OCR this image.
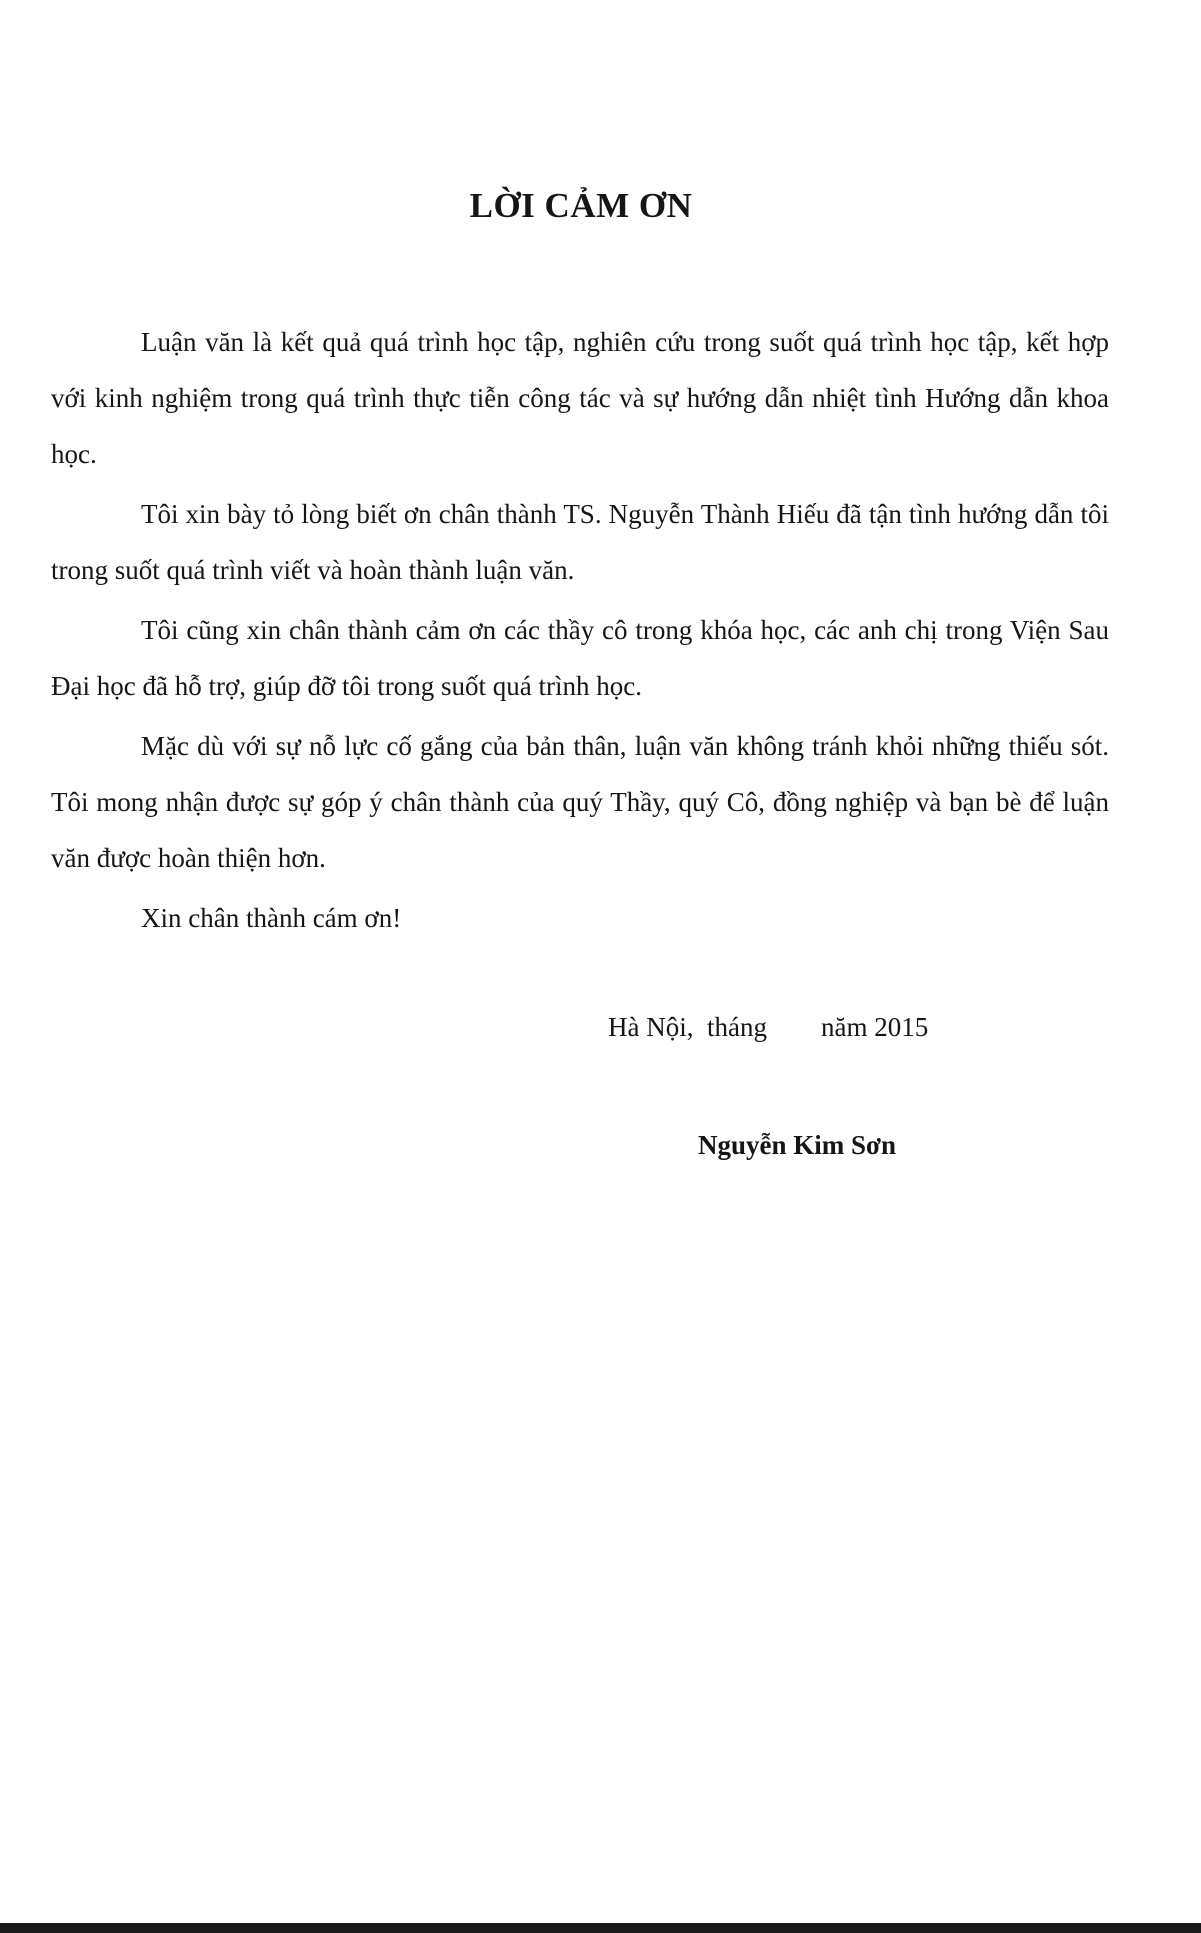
LỜI CẢM ƠN

Luận văn là kết quả quá trình học tập, nghiên cứu trong suốt quá trình học tập, kết hợp với kinh nghiệm trong quá trình thực tiễn công tác và sự hướng dẫn nhiệt tình Hướng dẫn khoa học.

Tôi xin bày tỏ lòng biết ơn chân thành TS. Nguyễn Thành Hiếu đã tận tình hướng dẫn tôi trong suốt quá trình viết và hoàn thành luận văn.

Tôi cũng xin chân thành cảm ơn các thầy cô trong khóa học, các anh chị trong Viện Sau Đại học đã hỗ trợ, giúp đỡ tôi trong suốt quá trình học.

Mặc dù với sự nỗ lực cố gắng của bản thân, luận văn không tránh khỏi những thiếu sót. Tôi mong nhận được sự góp ý chân thành của quý Thầy, quý Cô, đồng nghiệp và bạn bè để luận văn được hoàn thiện hơn.

Xin chân thành cám ơn!

Hà Nội,  tháng        năm 2015

Nguyễn Kim Sơn
